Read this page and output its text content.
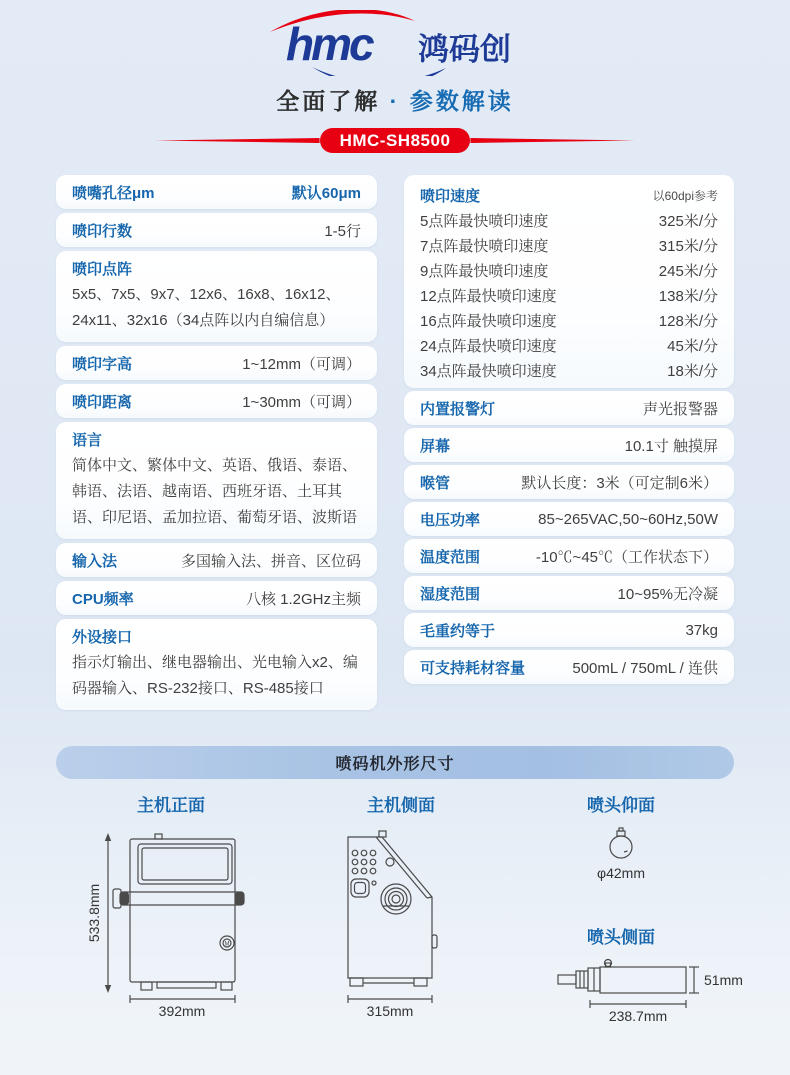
hmc 鸿码创
全面了解 · 参数解读
HMC-SH8500
喷嘴孔径μm	默认60μm
喷印行数	1-5行
喷印点阵
5x5、7x5、9x7、12x6、16x8、16x12、24x11、32x16（34点阵以内自编信息）
喷印字高	1~12mm（可调）
喷印距离	1~30mm（可调）
语言
简体中文、繁体中文、英语、俄语、泰语、韩语、法语、越南语、西班牙语、土耳其语、印尼语、孟加拉语、葡萄牙语、波斯语
输入法	多国输入法、拼音、区位码
CPU频率	八核 1.2GHz主频
外设接口
指示灯输出、继电器输出、光电输入x2、编码器输入、RS-232接口、RS-485接口
喷印速度	以60dpi参考
5点阵最快喷印速度	325米/分
7点阵最快喷印速度	315米/分
9点阵最快喷印速度	245米/分
12点阵最快喷印速度	138米/分
16点阵最快喷印速度	128米/分
24点阵最快喷印速度	45米/分
34点阵最快喷印速度	18米/分
内置报警灯	声光报警器
屏幕	10.1寸 触摸屏
喉管	默认长度：3米（可定制6米）
电压功率	85~265VAC,50~60Hz,50W
温度范围	-10℃~45℃（工作状态下）
湿度范围	10~95%无冷凝
毛重约等于	37kg
可支持耗材容量	500mL / 750mL / 连供
喷码机外形尺寸
主机正面	主机侧面	喷头仰面
喷头侧面
533.8mm
M
392mm	315mm
φ42mm
51mm
238.7mm
